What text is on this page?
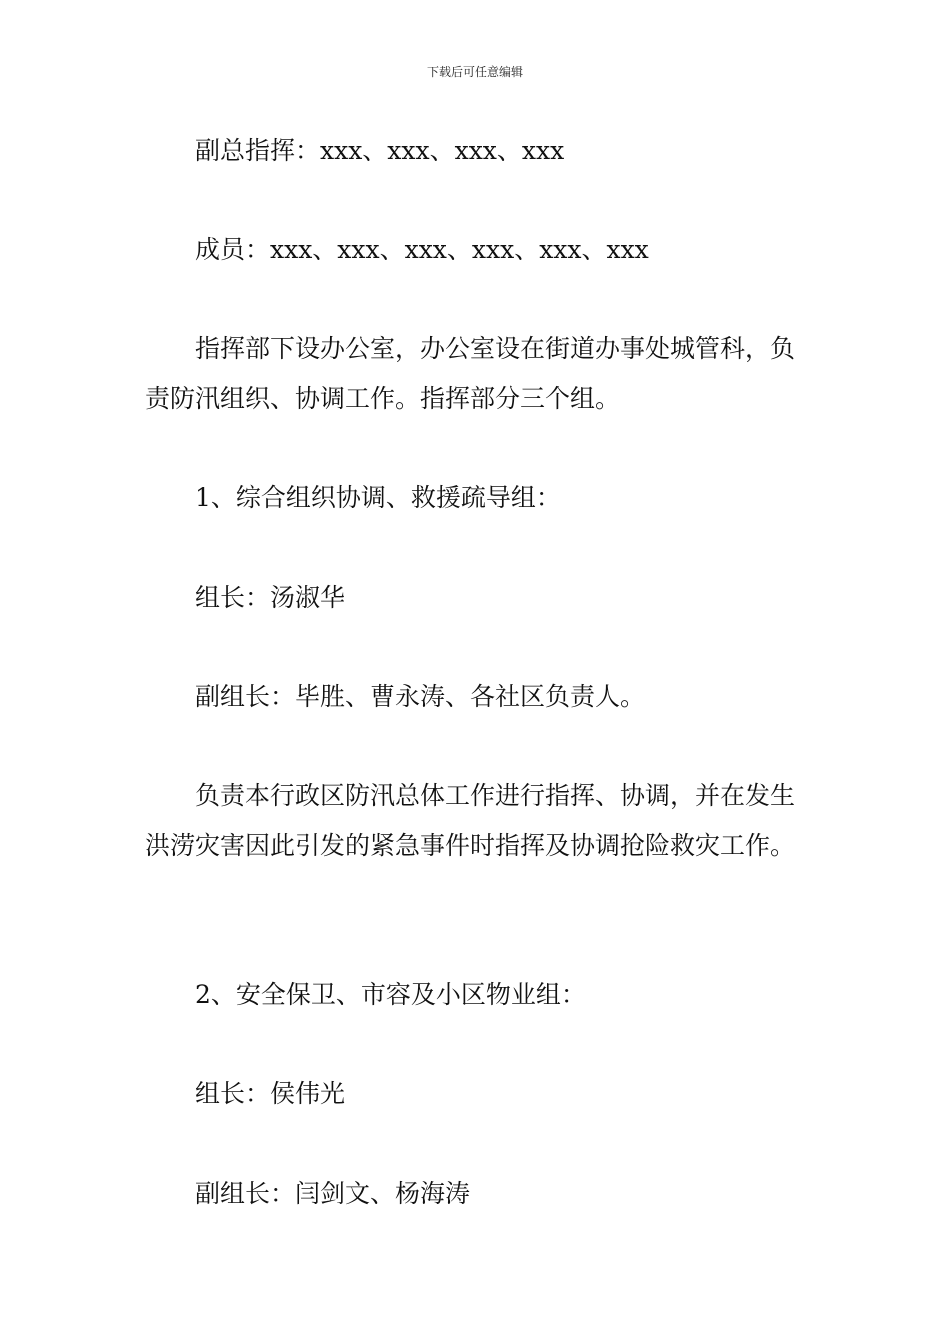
下载后可任意编辑

副总指挥：xxx、xxx、xxx、xxx

成员：xxx、xxx、xxx、xxx、xxx、xxx

指挥部下设办公室，办公室设在街道办事处城管科，负责防汛组织、协调工作。指挥部分三个组。

1、综合组织协调、救援疏导组：

组长：汤淑华

副组长：毕胜、曹永涛、各社区负责人。

负责本行政区防汛总体工作进行指挥、协调，并在发生洪涝灾害因此引发的紧急事件时指挥及协调抢险救灾工作。

2、安全保卫、市容及小区物业组：

组长：侯伟光

副组长：闫剑文、杨海涛
